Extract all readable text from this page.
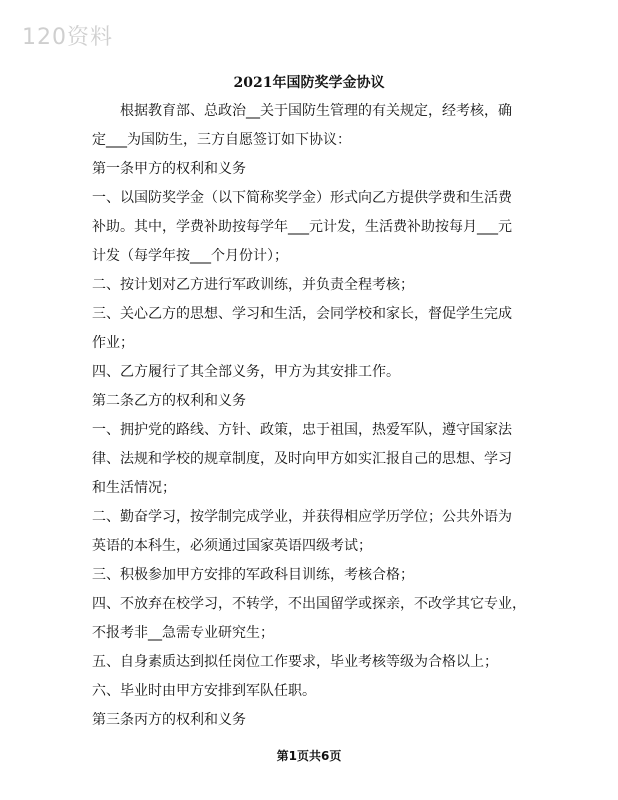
120资料
2021年国防奖学金协议
根据教育部、总政治__关于国防生管理的有关规定，经考核，确
定___为国防生，三方自愿签订如下协议：
第一条甲方的权利和义务
一、以国防奖学金（以下简称奖学金）形式向乙方提供学费和生活费
补助。其中，学费补助按每学年___元计发，生活费补助按每月___元
计发（每学年按___个月份计）；
二、按计划对乙方进行军政训练，并负责全程考核；
三、关心乙方的思想、学习和生活，会同学校和家长，督促学生完成
作业；
四、乙方履行了其全部义务，甲方为其安排工作。
第二条乙方的权利和义务
一、拥护党的路线、方针、政策，忠于祖国，热爱军队，遵守国家法
律、法规和学校的规章制度，及时向甲方如实汇报自己的思想、学习
和生活情况；
二、勤奋学习，按学制完成学业，并获得相应学历学位；公共外语为
英语的本科生，必须通过国家英语四级考试；
三、积极参加甲方安排的军政科目训练，考核合格；
四、不放弃在校学习，不转学，不出国留学或探亲，不改学其它专业，
不报考非__急需专业研究生；
五、自身素质达到拟任岗位工作要求，毕业考核等级为合格以上；
六、毕业时由甲方安排到军队任职。
第三条丙方的权利和义务
第1页共6页
